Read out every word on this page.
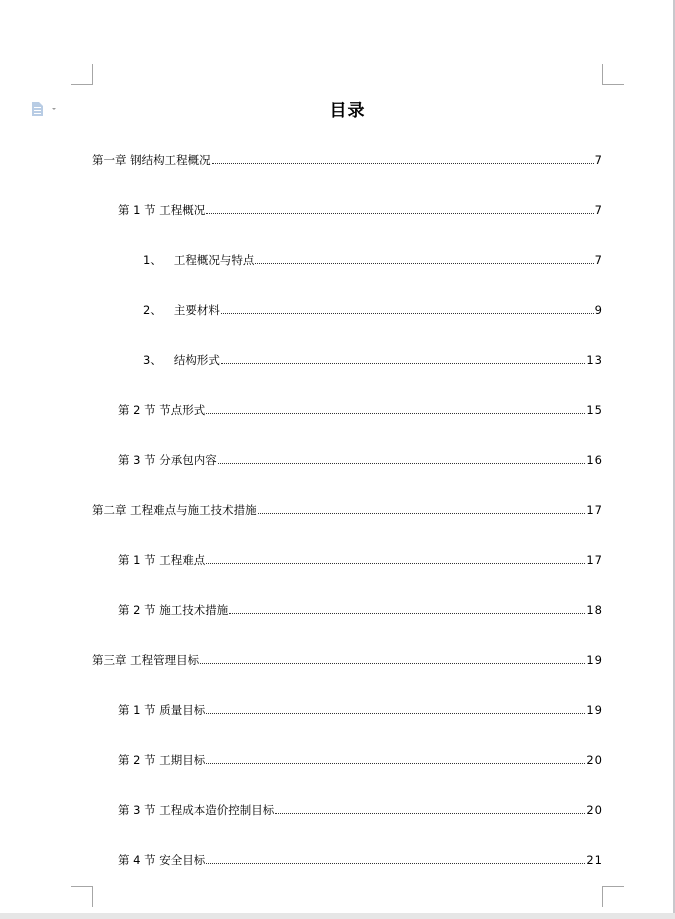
目录
第一章 钢结构工程概况	7
第 1 节 工程概况	7
1、 工程概况与特点	7
2、 主要材料	9
3、 结构形式	13
第 2 节 节点形式	15
第 3 节 分承包内容	16
第二章 工程难点与施工技术措施	17
第 1 节 工程难点	17
第 2 节 施工技术措施	18
第三章 工程管理目标	19
第 1 节 质量目标	19
第 2 节 工期目标	20
第 3 节 工程成本造价控制目标	20
第 4 节 安全目标	21
